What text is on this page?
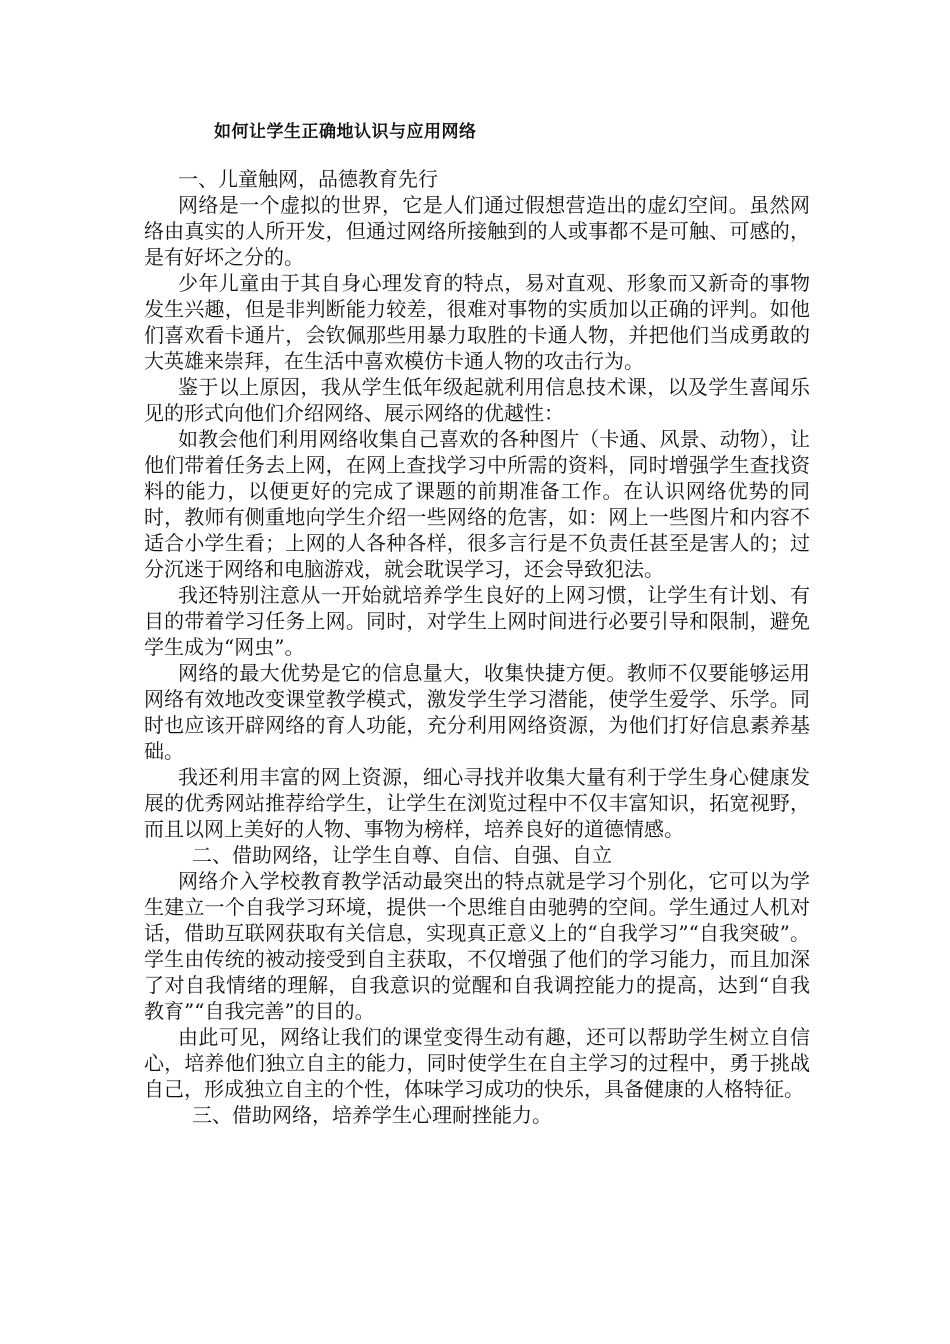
如何让学生正确地认识与应用网络
一、儿童触网，品德教育先行

网络是一个虚拟的世界，它是人们通过假想营造出的虚幻空间。虽然网络由真实的人所开发，但通过网络所接触到的人或事都不是可触、可感的，是有好坏之分的。

少年儿童由于其自身心理发育的特点，易对直观、形象而又新奇的事物发生兴趣，但是非判断能力较差，很难对事物的实质加以正确的评判。如他们喜欢看卡通片，会钦佩那些用暴力取胜的卡通人物，并把他们当成勇敢的大英雄来崇拜，在生活中喜欢模仿卡通人物的攻击行为。

鉴于以上原因，我从学生低年级起就利用信息技术课，以及学生喜闻乐见的形式向他们介绍网络、展示网络的优越性：

如教会他们利用网络收集自己喜欢的各种图片（卡通、风景、动物），让他们带着任务去上网，在网上查找学习中所需的资料，同时增强学生查找资料的能力，以便更好的完成了课题的前期准备工作。在认识网络优势的同时，教师有侧重地向学生介绍一些网络的危害，如：网上一些图片和内容不适合小学生看；上网的人各种各样，很多言行是不负责任甚至是害人的；过分沉迷于网络和电脑游戏，就会耽误学习，还会导致犯法。

我还特别注意从一开始就培养学生良好的上网习惯，让学生有计划、有目的带着学习任务上网。同时，对学生上网时间进行必要引导和限制，避免学生成为“网虫”。

网络的最大优势是它的信息量大，收集快捷方便。教师不仅要能够运用网络有效地改变课堂教学模式，激发学生学习潜能，使学生爱学、乐学。同时也应该开辟网络的育人功能，充分利用网络资源，为他们打好信息素养基础。

我还利用丰富的网上资源，细心寻找并收集大量有利于学生身心健康发展的优秀网站推荐给学生，让学生在浏览过程中不仅丰富知识，拓宽视野，而且以网上美好的人物、事物为榜样，培养良好的道德情感。

二、借助网络，让学生自尊、自信、自强、自立

网络介入学校教育教学活动最突出的特点就是学习个别化，它可以为学生建立一个自我学习环境，提供一个思维自由驰骋的空间。学生通过人机对话，借助互联网获取有关信息，实现真正意义上的“自我学习”“自我突破”。学生由传统的被动接受到自主获取，不仅增强了他们的学习能力，而且加深了对自我情绪的理解，自我意识的觉醒和自我调控能力的提高，达到“自我教育”“自我完善”的目的。

由此可见，网络让我们的课堂变得生动有趣，还可以帮助学生树立自信心，培养他们独立自主的能力，同时使学生在自主学习的过程中，勇于挑战自己，形成独立自主的个性，体味学习成功的快乐，具备健康的人格特征。

三、借助网络，培养学生心理耐挫能力。
